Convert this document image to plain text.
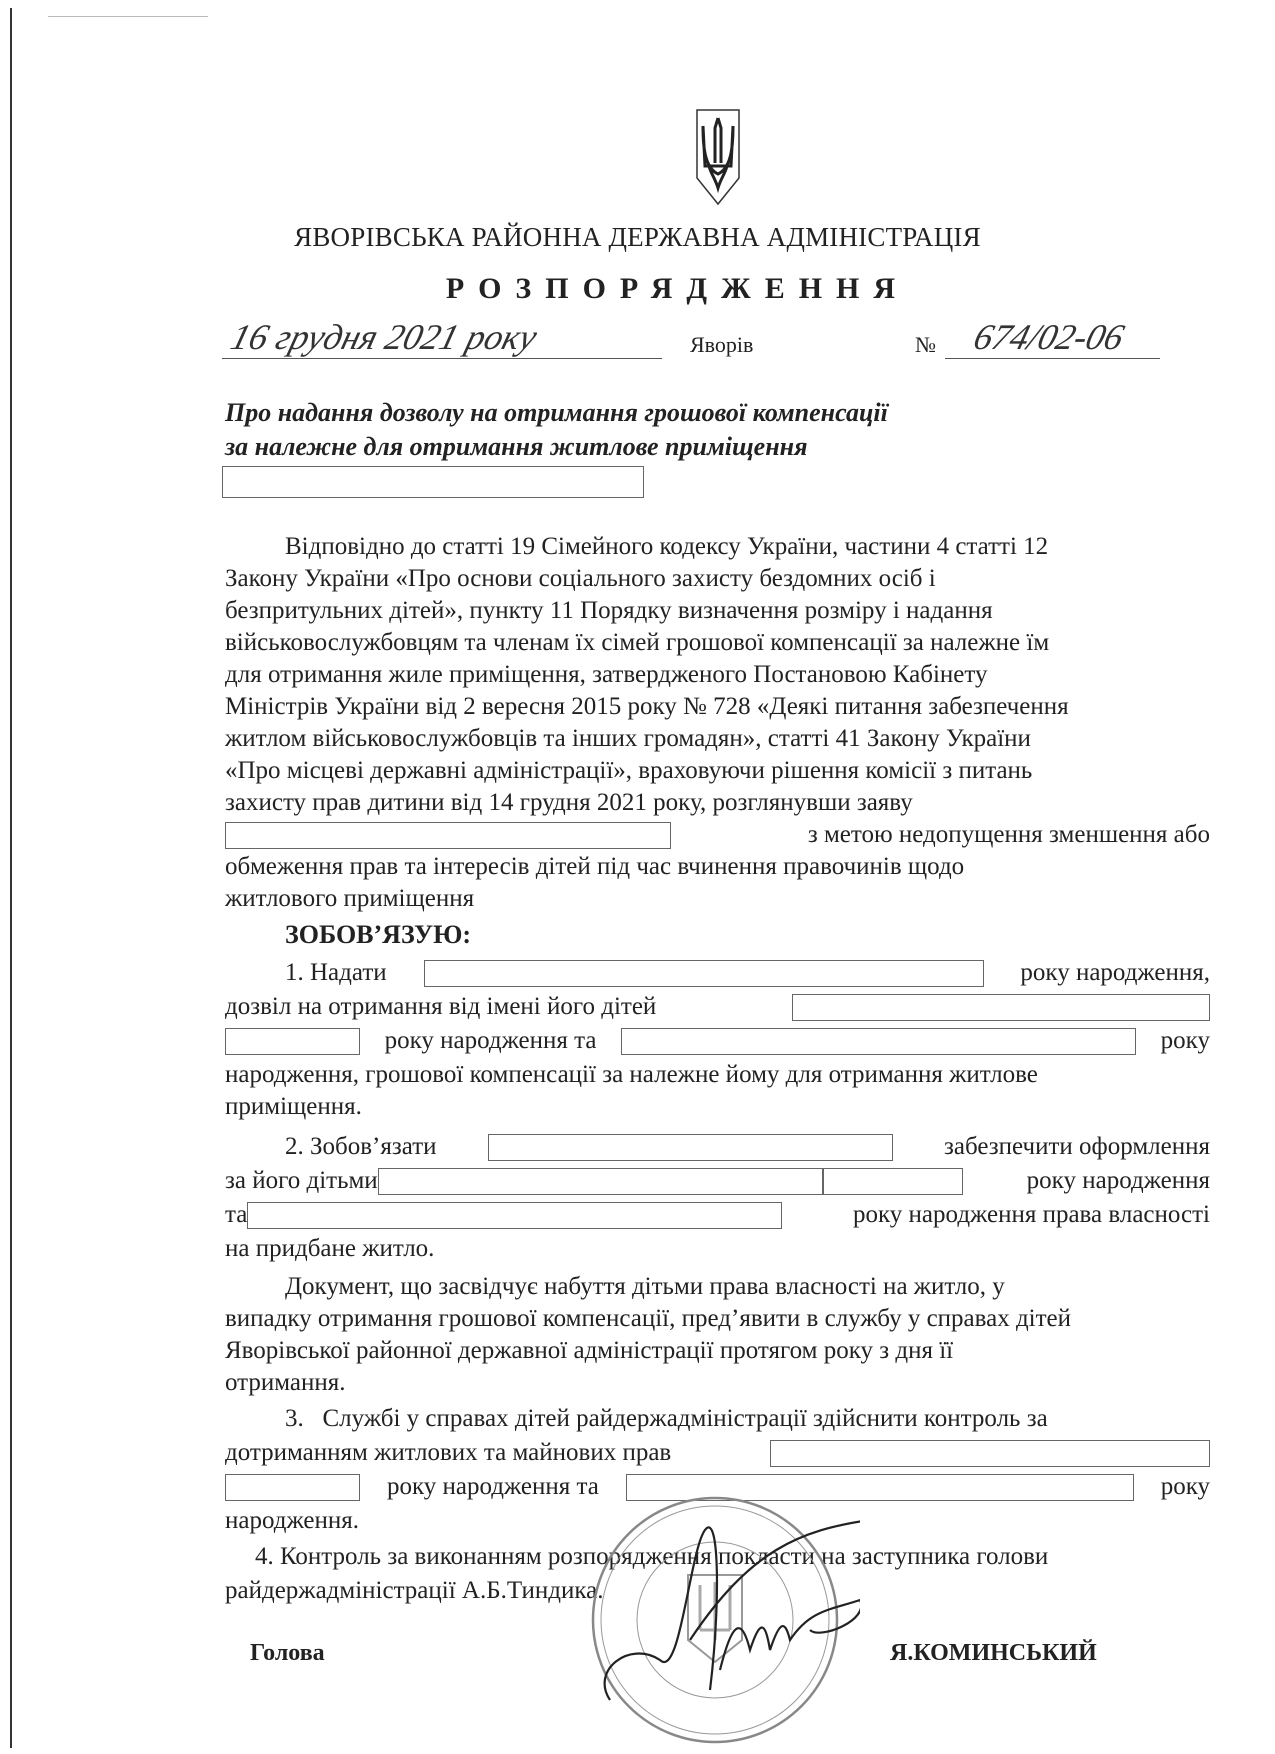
ЯВОРІВСЬКА РАЙОННА ДЕРЖАВНА АДМІНІСТРАЦІЯ
РОЗПОРЯДЖЕННЯ
16 грудня 2021 року	Яворів	№ 674/02-06
Про надання дозволу на отримання грошової компенсації
за належне для отримання житлове приміщення
Відповідно до статті 19 Сімейного кодексу України, частини 4 статті 12
Закону України «Про основи соціального захисту бездомних осіб і
безпритульних дітей», пункту 11 Порядку визначення розміру і надання
військовослужбовцям та членам їх сімей грошової компенсації за належне їм
для отримання жиле приміщення, затвердженого Постановою Кабінету
Міністрів України від 2 вересня 2015 року № 728 «Деякі питання забезпечення
житлом військовослужбовців та інших громадян», статті 41 Закону України
«Про місцеві державні адміністрації», враховуючи рішення комісії з питань
захисту прав дитини від 14 грудня 2021 року, розглянувши заяву
з метою недопущення зменшення або
обмеження прав та інтересів дітей під час вчинення правочинів щодо
житлового приміщення
ЗОБОВ’ЯЗУЮ:
1. Надати	року народження,
дозвіл на отримання від імені його дітей
року народження та	року
народження, грошової компенсації за належне йому для отримання житлове
приміщення.
2. Зобов’язати	забезпечити оформлення
за його дітьми	року народження
та	року народження права власності
на придбане житло.
Документ, що засвідчує набуття дітьми права власності на житло, у
випадку отримання грошової компенсації, пред’явити в службу у справах дітей
Яворівської районної державної адміністрації протягом року з дня її
отримання.
3.   Службі у справах дітей райдержадміністрації здійснити контроль за
дотриманням житлових та майнових прав
року народження та	року
народження.
4. Контроль за виконанням розпорядження покласти на заступника голови
райдержадміністрації А.Б.Тиндика.
Голова	Я.КОМИНСЬКИЙ
